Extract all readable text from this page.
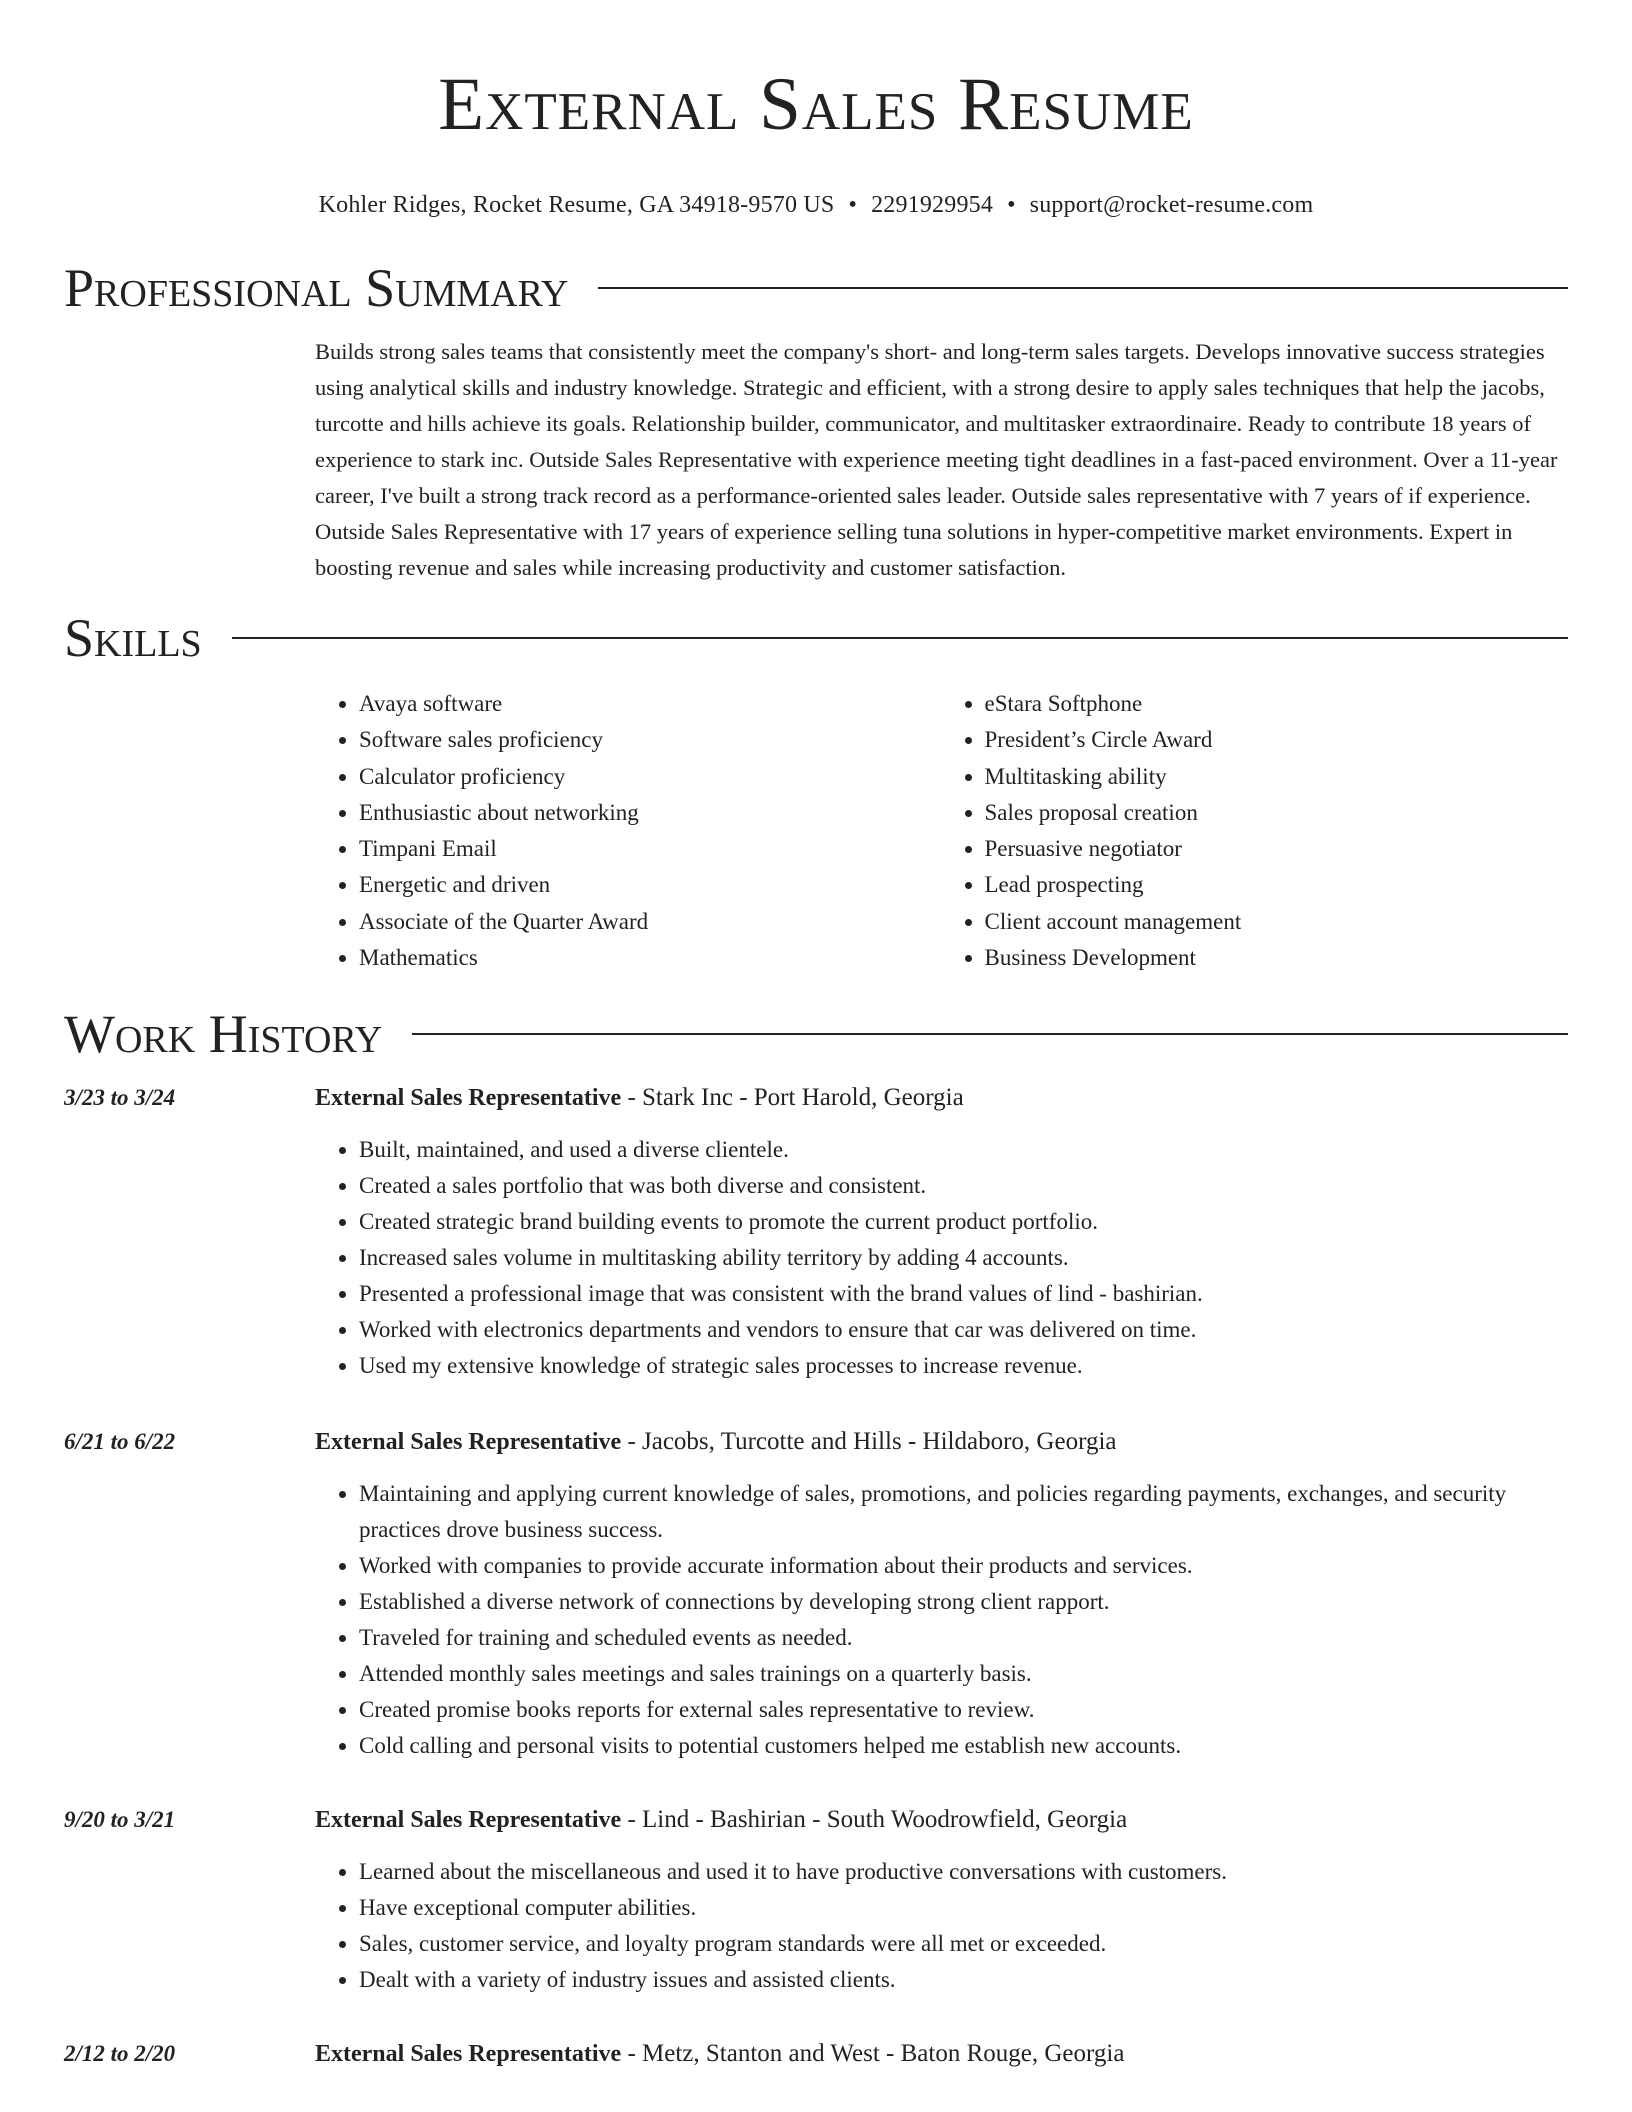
External Sales Resume
Kohler Ridges, Rocket Resume, GA 34918-9570 US • 2291929954 • support@rocket-resume.com
Professional Summary

Builds strong sales teams that consistently meet the company's short- and long-term sales targets. Develops innovative success strategies using analytical skills and industry knowledge. Strategic and efficient, with a strong desire to apply sales techniques that help the jacobs, turcotte and hills achieve its goals. Relationship builder, communicator, and multitasker extraordinaire. Ready to contribute 18 years of experience to stark inc. Outside Sales Representative with experience meeting tight deadlines in a fast-paced environment. Over a 11-year career, I've built a strong track record as a performance-oriented sales leader. Outside sales representative with 7 years of if experience. Outside Sales Representative with 17 years of experience selling tuna solutions in hyper-competitive market environments. Expert in boosting revenue and sales while increasing productivity and customer satisfaction.

Skills
• Avaya software
• Software sales proficiency
• Calculator proficiency
• Enthusiastic about networking
• Timpani Email
• Energetic and driven
• Associate of the Quarter Award
• Mathematics
• eStara Softphone
• President’s Circle Award
• Multitasking ability
• Sales proposal creation
• Persuasive negotiator
• Lead prospecting
• Client account management
• Business Development
Work History
3/23 to 3/24	External Sales Representative - Stark Inc - Port Harold, Georgia
• Built, maintained, and used a diverse clientele.
• Created a sales portfolio that was both diverse and consistent.
• Created strategic brand building events to promote the current product portfolio.
• Increased sales volume in multitasking ability territory by adding 4 accounts.
• Presented a professional image that was consistent with the brand values of lind - bashirian.
• Worked with electronics departments and vendors to ensure that car was delivered on time.
• Used my extensive knowledge of strategic sales processes to increase revenue.
6/21 to 6/22	External Sales Representative - Jacobs, Turcotte and Hills - Hildaboro, Georgia
• Maintaining and applying current knowledge of sales, promotions, and policies regarding payments, exchanges, and security practices drove business success.
• Worked with companies to provide accurate information about their products and services.
• Established a diverse network of connections by developing strong client rapport.
• Traveled for training and scheduled events as needed.
• Attended monthly sales meetings and sales trainings on a quarterly basis.
• Created promise books reports for external sales representative to review.
• Cold calling and personal visits to potential customers helped me establish new accounts.
9/20 to 3/21	External Sales Representative - Lind - Bashirian - South Woodrowfield, Georgia
• Learned about the miscellaneous and used it to have productive conversations with customers.
• Have exceptional computer abilities.
• Sales, customer service, and loyalty program standards were all met or exceeded.
• Dealt with a variety of industry issues and assisted clients.
2/12 to 2/20	External Sales Representative - Metz, Stanton and West - Baton Rouge, Georgia
